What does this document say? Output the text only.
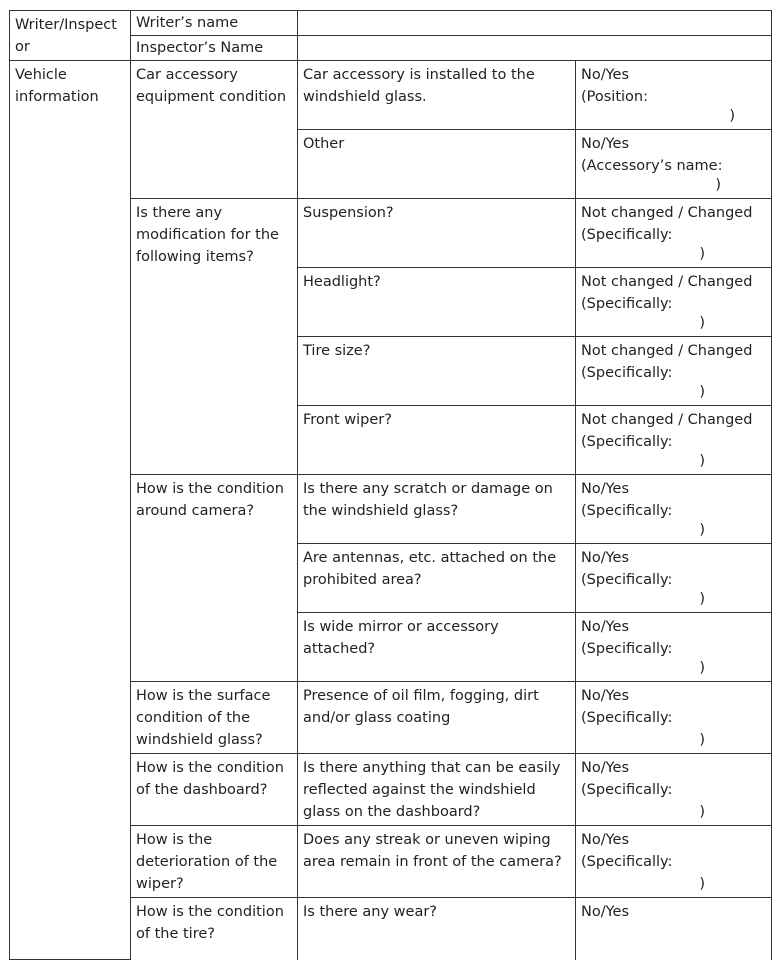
Writer/Inspector	Writer’s name		
	Inspector’s Name		
Vehicle information	Car accessory equipment condition	Car accessory is installed to the windshield glass.	No/Yes
(Position:
)

		Other	No/Yes
(Accessory’s name:
)

	Is there any modification for the following items?	Suspension?	Not changed / Changed
(Specifically:
)

		Headlight?	Not changed / Changed
(Specifically:
)

		Tire size?	Not changed / Changed
(Specifically:
)

		Front wiper?	Not changed / Changed
(Specifically:
)

	How is the condition around camera?	Is there any scratch or damage on the windshield glass?	No/Yes
(Specifically:
)

		Are antennas, etc. attached on the prohibited area?	No/Yes
(Specifically:
)

		Is wide mirror or accessory attached?	No/Yes
(Specifically:
)

	How is the surface condition of the windshield glass?	Presence of oil film, fogging, dirt and/or glass coating	No/Yes
(Specifically:
)

	How is the condition of the dashboard?	Is there anything that can be easily reflected against the windshield glass on the dashboard?	No/Yes
(Specifically:
)

	How is the deterioration of the wiper?	Does any streak or uneven wiping area remain in front of the camera?	No/Yes
(Specifically:
)

	How is the condition of the tire?	Is there any wear?	No/Yes
